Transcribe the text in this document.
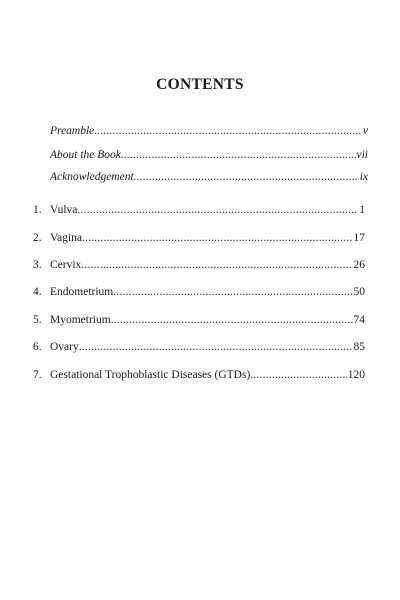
CONTENTS
Preamble .....	v
About the Book .....	vii
Acknowledgement .....	ix
1. Vulva .....	1
2. Vagina .....	17
3. Cervix .....	26
4. Endometrium .....	50
5. Myometrium .....	74
6. Ovary .....	85
7. Gestational Trophoblastic Diseases (GTDs) .....	120
